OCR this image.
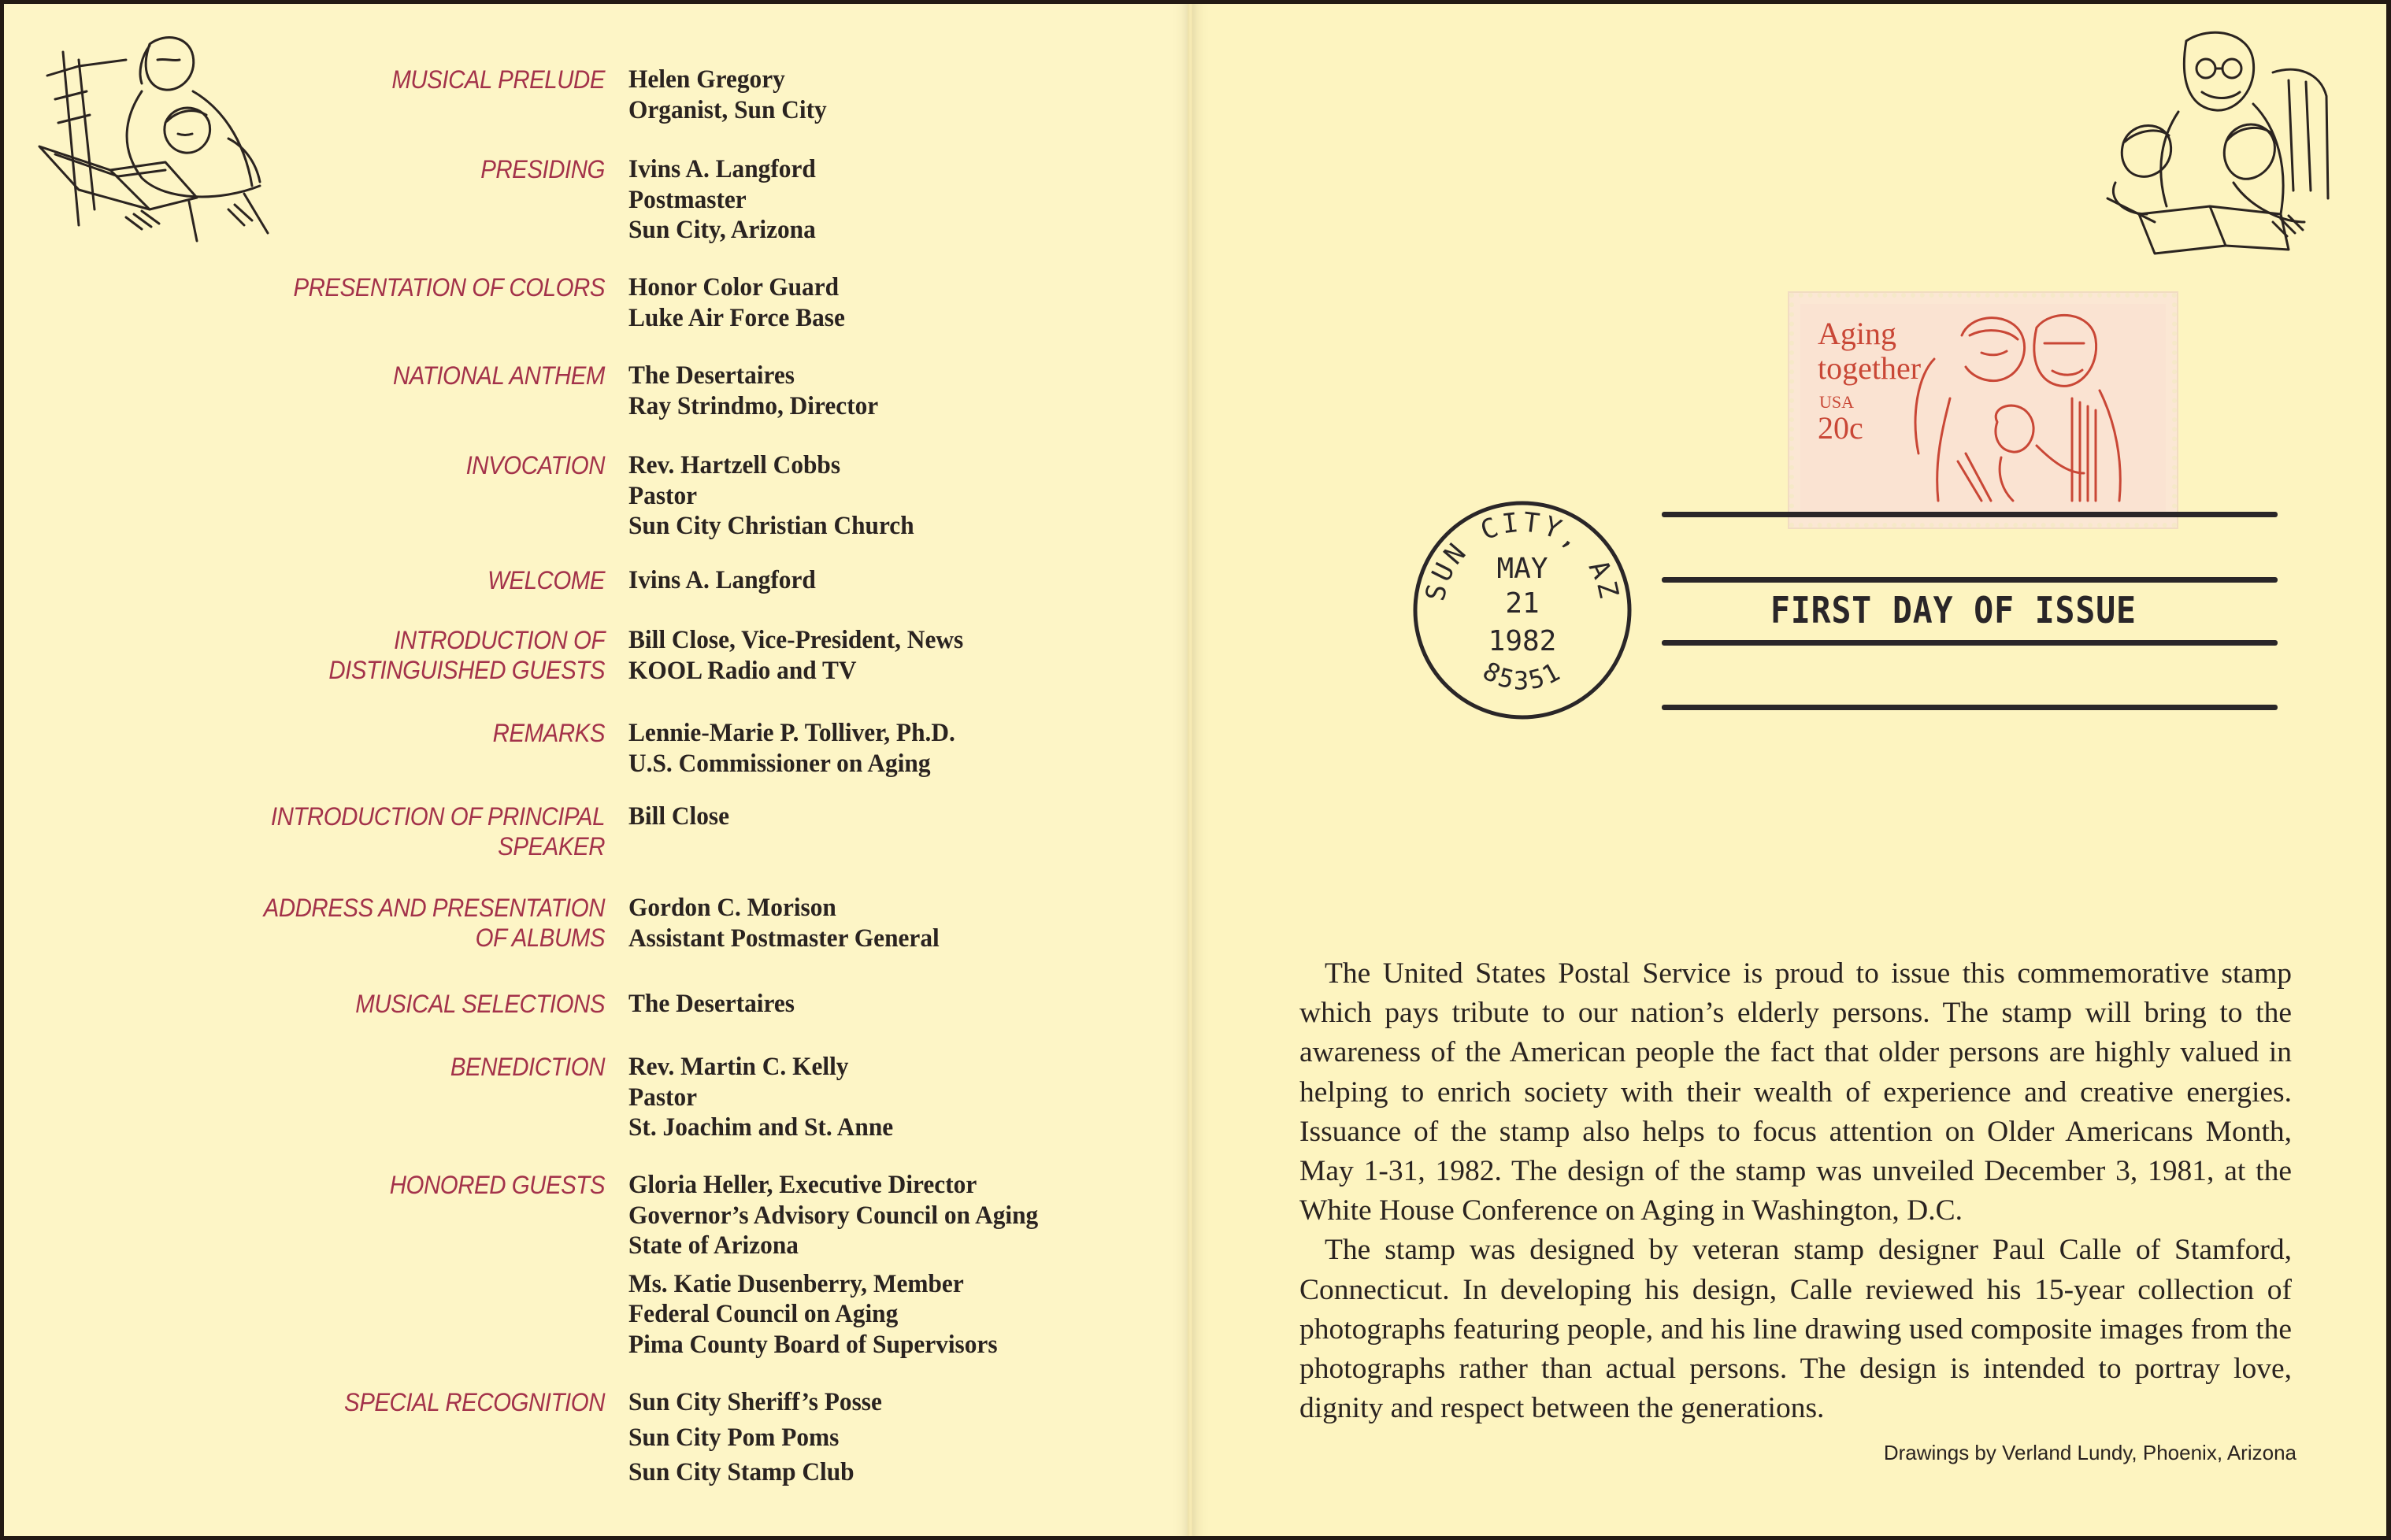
MUSICAL PRELUDE Helen Gregory
Organist, Sun City
PRESIDING Ivins A. Langford
Postmaster
Sun City, Arizona
PRESENTATION OF COLORS Honor Color Guard
Luke Air Force Base
NATIONAL ANTHEM The Desertaires
Ray Strindmo, Director
INVOCATION Rev. Hartzell Cobbs
Pastor
Sun City Christian Church
WELCOME Ivins A. Langford
INTRODUCTION OF
DISTINGUISHED GUESTS
Bill Close, Vice-President, News
KOOL Radio and TV
REMARKS Lennie-Marie P. Tolliver, Ph.D.
U.S. Commissioner on Aging
INTRODUCTION OF PRINCIPAL
SPEAKER
Bill Close
ADDRESS AND PRESENTATION
OF ALBUMS
Gordon C. Morison
Assistant Postmaster General
MUSICAL SELECTIONS The Desertaires
BENEDICTION Rev. Martin C. Kelly
Pastor
St. Joachim and St. Anne
HONORED GUESTS Gloria Heller, Executive Director
Governor’s Advisory Council on Aging
State of Arizona
Ms. Katie Dusenberry, Member
Federal Council on Aging
Pima County Board of Supervisors
SPECIAL RECOGNITION Sun City Sheriff’s Posse
Sun City Pom Poms
Sun City Stamp Club
Aging
together
USA
20c
FIRST DAY OF ISSUE
SUN CITY, AZ
85351
MAY
21
1982

The United States Postal Service is proud to issue this commemorative stamp which pays tribute to our nation’s elderly persons. The stamp will bring to the awareness of the American people the fact that older persons are highly valued in helping to enrich society with their wealth of experience and creative energies. Issuance of the stamp also helps to focus attention on Older Americans Month, May 1-31, 1982. The design of the stamp was unveiled December 3, 1981, at the White House Conference on Aging in Washington, D.C.

The stamp was designed by veteran stamp designer Paul Calle of Stamford, Connecticut. In developing his design, Calle reviewed his 15-year collection of photographs featuring people, and his line drawing used composite images from the photographs rather than actual persons. The design is intended to portray love, dignity and respect between the generations.

Drawings by Verland Lundy, Phoenix, Arizona
